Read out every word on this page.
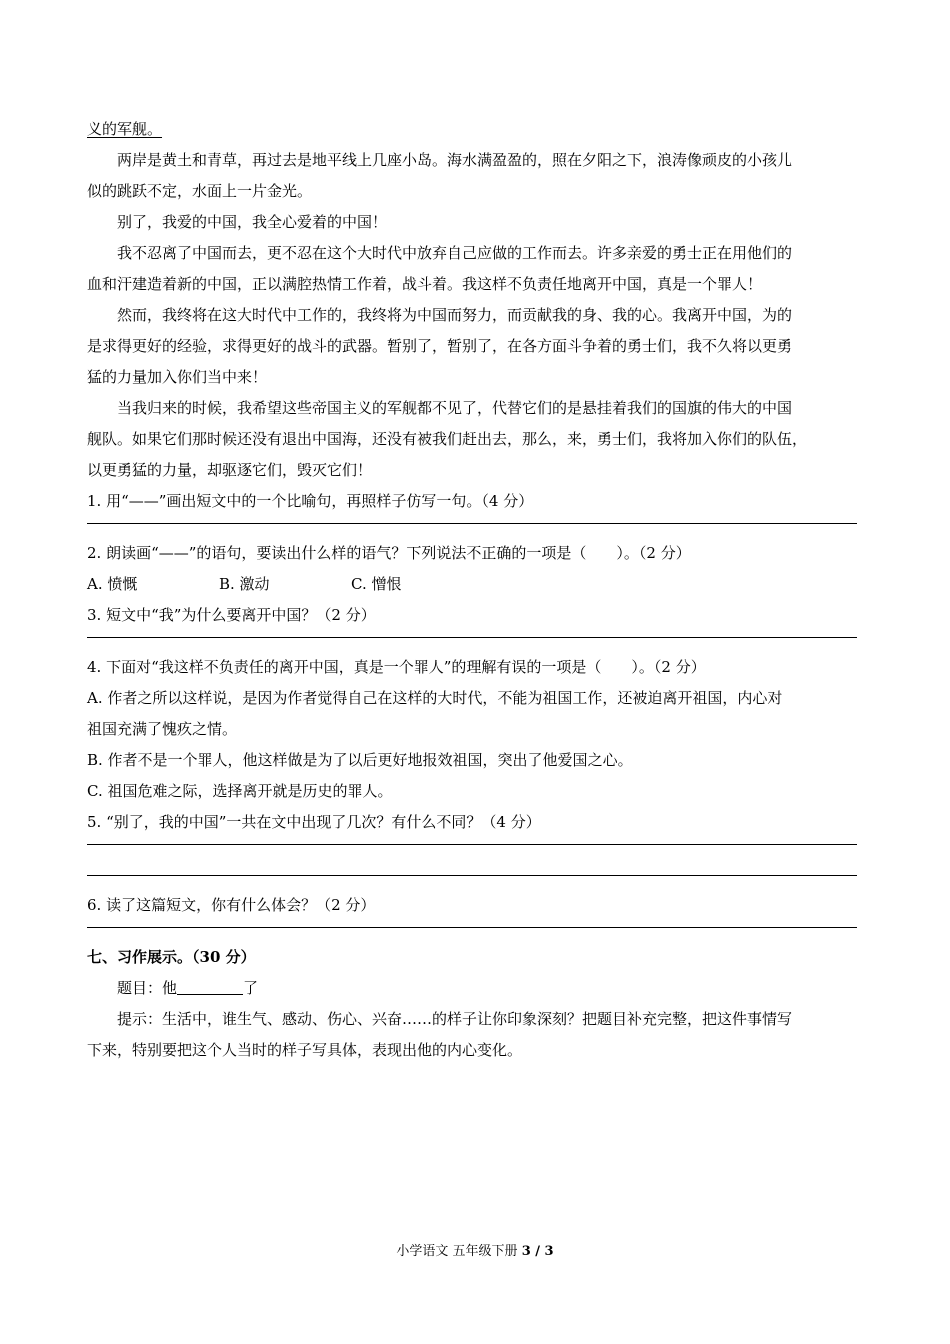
义的军舰。
两岸是黄土和青草，再过去是地平线上几座小岛。海水满盈盈的，照在夕阳之下，浪涛像顽皮的小孩儿
似的跳跃不定，水面上一片金光。
别了，我爱的中国，我全心爱着的中国！
我不忍离了中国而去，更不忍在这个大时代中放弃自己应做的工作而去。许多亲爱的勇士正在用他们的
血和汗建造着新的中国，正以满腔热情工作着，战斗着。我这样不负责任地离开中国，真是一个罪人！
然而，我终将在这大时代中工作的，我终将为中国而努力，而贡献我的身、我的心。我离开中国，为的
是求得更好的经验，求得更好的战斗的武器。暂别了，暂别了，在各方面斗争着的勇士们，我不久将以更勇
猛的力量加入你们当中来！
当我归来的时候，我希望这些帝国主义的军舰都不见了，代替它们的是悬挂着我们的国旗的伟大的中国
舰队。如果它们那时候还没有退出中国海，还没有被我们赶出去，那么，来，勇士们，我将加入你们的队伍，
以更勇猛的力量，却驱逐它们，毁灭它们！
1. 用“——”画出短文中的一个比喻句，再照样子仿写一句。（4 分）
2. 朗读画“——”的语句，要读出什么样的语气？下列说法不正确的一项是（　　）。（2 分）
A. 愤慨	B. 激动	C. 憎恨
3. 短文中“我”为什么要离开中国？（2 分）
4. 下面对“我这样不负责任的离开中国，真是一个罪人”的理解有误的一项是（　　）。（2 分）
A. 作者之所以这样说，是因为作者觉得自己在这样的大时代，不能为祖国工作，还被迫离开祖国，内心对
祖国充满了愧疚之情。
B. 作者不是一个罪人，他这样做是为了以后更好地报效祖国，突出了他爱国之心。
C. 祖国危难之际，选择离开就是历史的罪人。
5. “别了，我的中国”一共在文中出现了几次？有什么不同？（4 分）
6. 读了这篇短文，你有什么体会？（2 分）
七、习作展示。（30 分）
题目：他	了
提示：生活中，谁生气、感动、伤心、兴奋……的样子让你印象深刻？把题目补充完整，把这件事情写
下来，特别要把这个人当时的样子写具体，表现出他的内心变化。
小学语文 五年级下册 3 / 3
